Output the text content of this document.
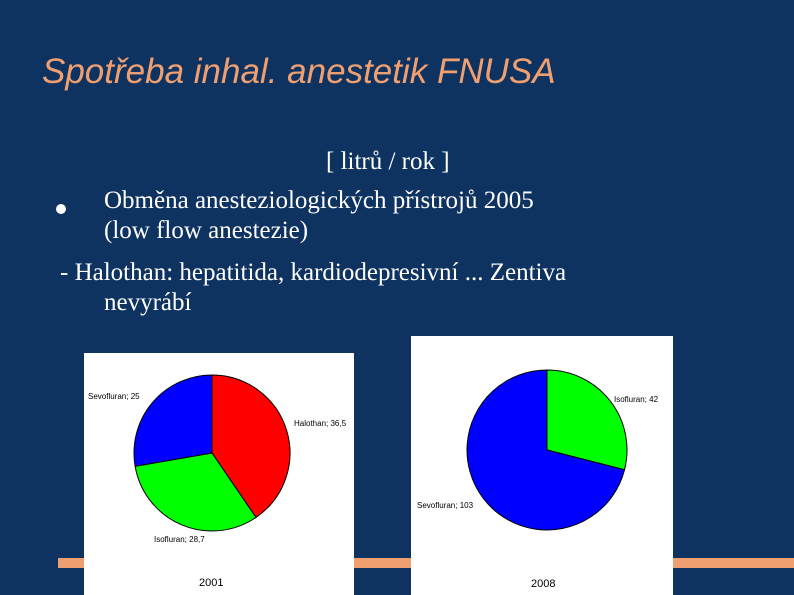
Spotřeba inhal. anestetik FNUSA
[ litrů / rok ]
Obměna anesteziologických přístrojů 2005
(low flow anestezie)
- Halothan: hepatitida, kardiodepresivní ... Zentiva
nevyrábí
Sevofluran; 25
Halothan; 36,5
Isofluran; 28,7
2001
Isofluran; 42
Sevofluran; 103
2008
